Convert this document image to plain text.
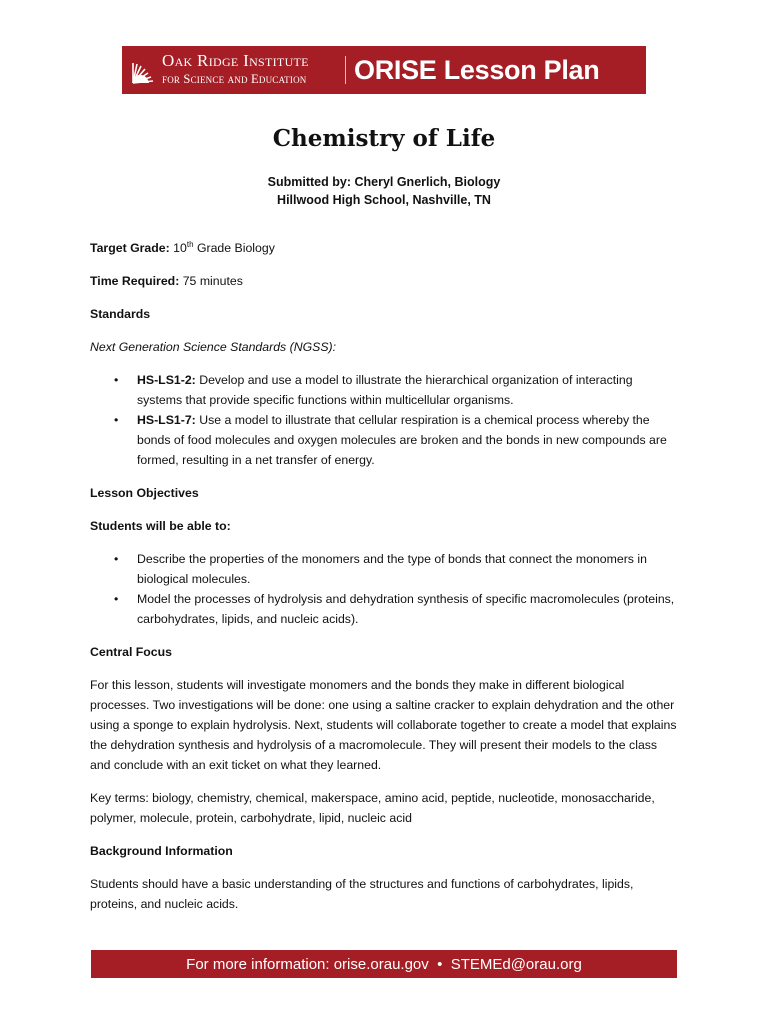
Oak Ridge Institute
for Science and Education ORISE Lesson Plan
Chemistry of Life
Submitted by: Cheryl Gnerlich, Biology
Hillwood High School, Nashville, TN

Target Grade: 10th Grade Biology

Time Required: 75 minutes

Standards

Next Generation Science Standards (NGSS):

• HS-LS1-2: Develop and use a model to illustrate the hierarchical organization of interacting systems that provide specific functions within multicellular organisms.
• HS-LS1-7: Use a model to illustrate that cellular respiration is a chemical process whereby the bonds of food molecules and oxygen molecules are broken and the bonds in new compounds are formed, resulting in a net transfer of energy.

Lesson Objectives

Students will be able to:

• Describe the properties of the monomers and the type of bonds that connect the monomers in biological molecules.
• Model the processes of hydrolysis and dehydration synthesis of specific macromolecules (proteins, carbohydrates, lipids, and nucleic acids).

Central Focus

For this lesson, students will investigate monomers and the bonds they make in different biological processes. Two investigations will be done: one using a saltine cracker to explain dehydration and the other using a sponge to explain hydrolysis. Next, students will collaborate together to create a model that explains the dehydration synthesis and hydrolysis of a macromolecule. They will present their models to the class and conclude with an exit ticket on what they learned.

Key terms: biology, chemistry, chemical, makerspace, amino acid, peptide, nucleotide, monosaccharide, polymer, molecule, protein, carbohydrate, lipid, nucleic acid

Background Information

Students should have a basic understanding of the structures and functions of carbohydrates, lipids, proteins, and nucleic acids.

For more information: orise.orau.gov  •  STEMEd@orau.org
